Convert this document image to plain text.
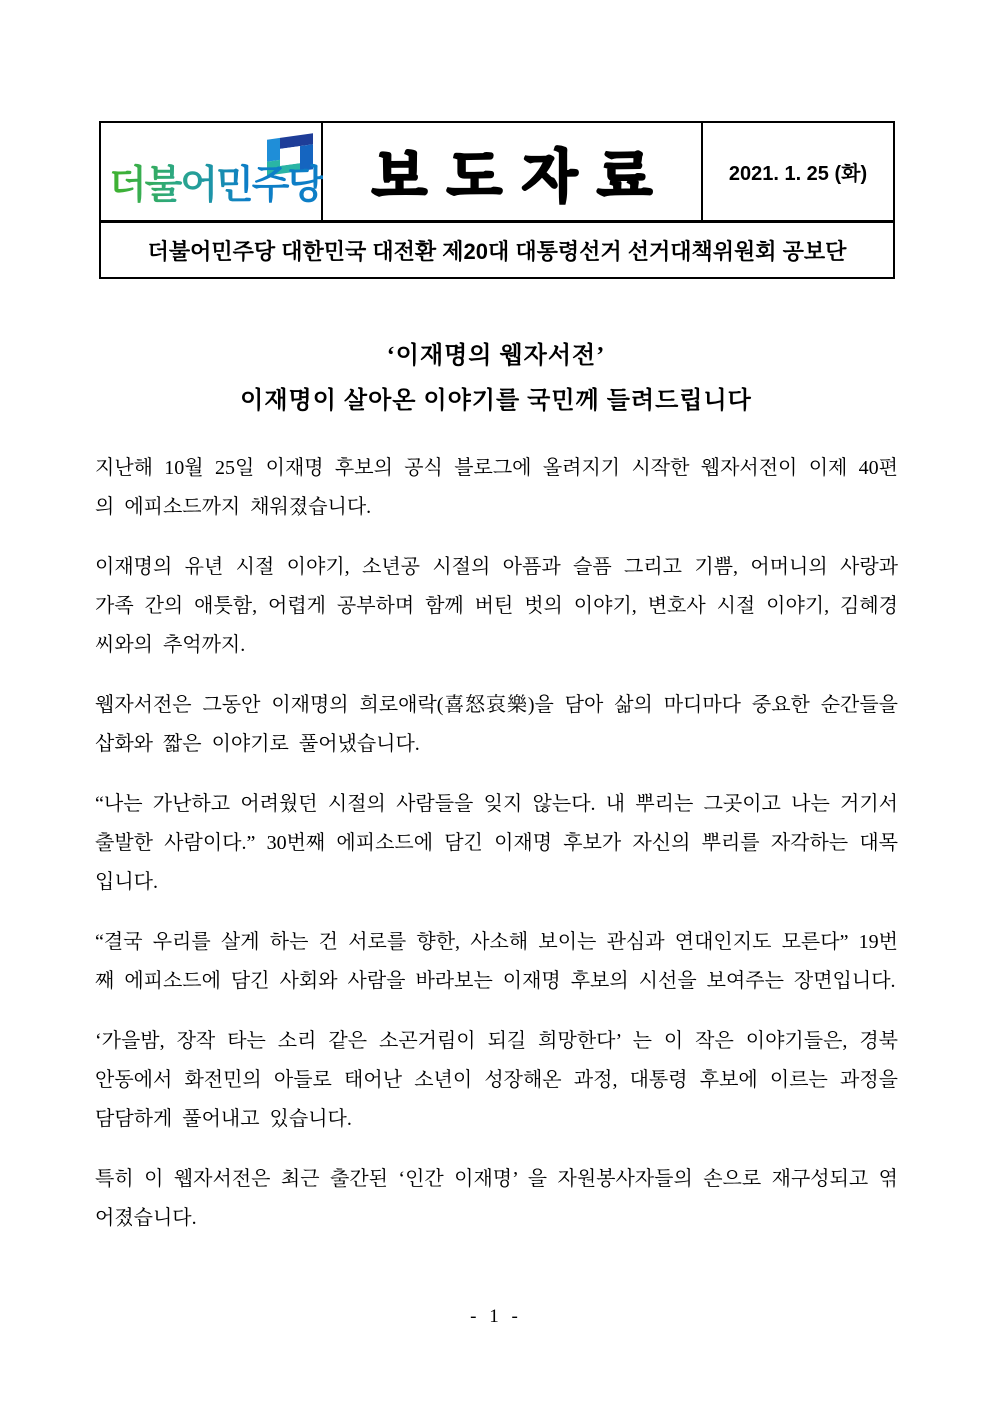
더불어민주당 보도자료	2021. 1. 25 (화)
더불어민주당 대한민국 대전환 제20대 대통령선거 선거대책위원회 공보단
‘이재명의 웹자서전’
이재명이 살아온 이야기를 국민께 들려드립니다

지난해 10월 25일 이재명 후보의 공식 블로그에 올려지기 시작한 웹자서전이 이제 40편의 에피소드까지 채워졌습니다.

이재명의 유년 시절 이야기, 소년공 시절의 아픔과 슬픔 그리고 기쁨, 어머니의 사랑과 가족 간의 애틋함, 어렵게 공부하며 함께 버틴 벗의 이야기, 변호사 시절 이야기, 김혜경 씨와의 추억까지.

웹자서전은 그동안 이재명의 희로애락(喜怒哀樂)을 담아 삶의 마디마다 중요한 순간들을 삽화와 짧은 이야기로 풀어냈습니다.

“나는 가난하고 어려웠던 시절의 사람들을 잊지 않는다. 내 뿌리는 그곳이고 나는 거기서 출발한 사람이다.” 30번째 에피소드에 담긴 이재명 후보가 자신의 뿌리를 자각하는 대목입니다.

“결국 우리를 살게 하는 건 서로를 향한, 사소해 보이는 관심과 연대인지도 모른다” 19번째 에피소드에 담긴 사회와 사람을 바라보는 이재명 후보의 시선을 보여주는 장면입니다.

‘가을밤, 장작 타는 소리 같은 소곤거림이 되길 희망한다’ 는 이 작은 이야기들은, 경북 안동에서 화전민의 아들로 태어난 소년이 성장해온 과정, 대통령 후보에 이르는 과정을 담담하게 풀어내고 있습니다.

특히 이 웹자서전은 최근 출간된 ‘인간 이재명’ 을 자원봉사자들의 손으로 재구성되고 엮어졌습니다.

- 1 -
